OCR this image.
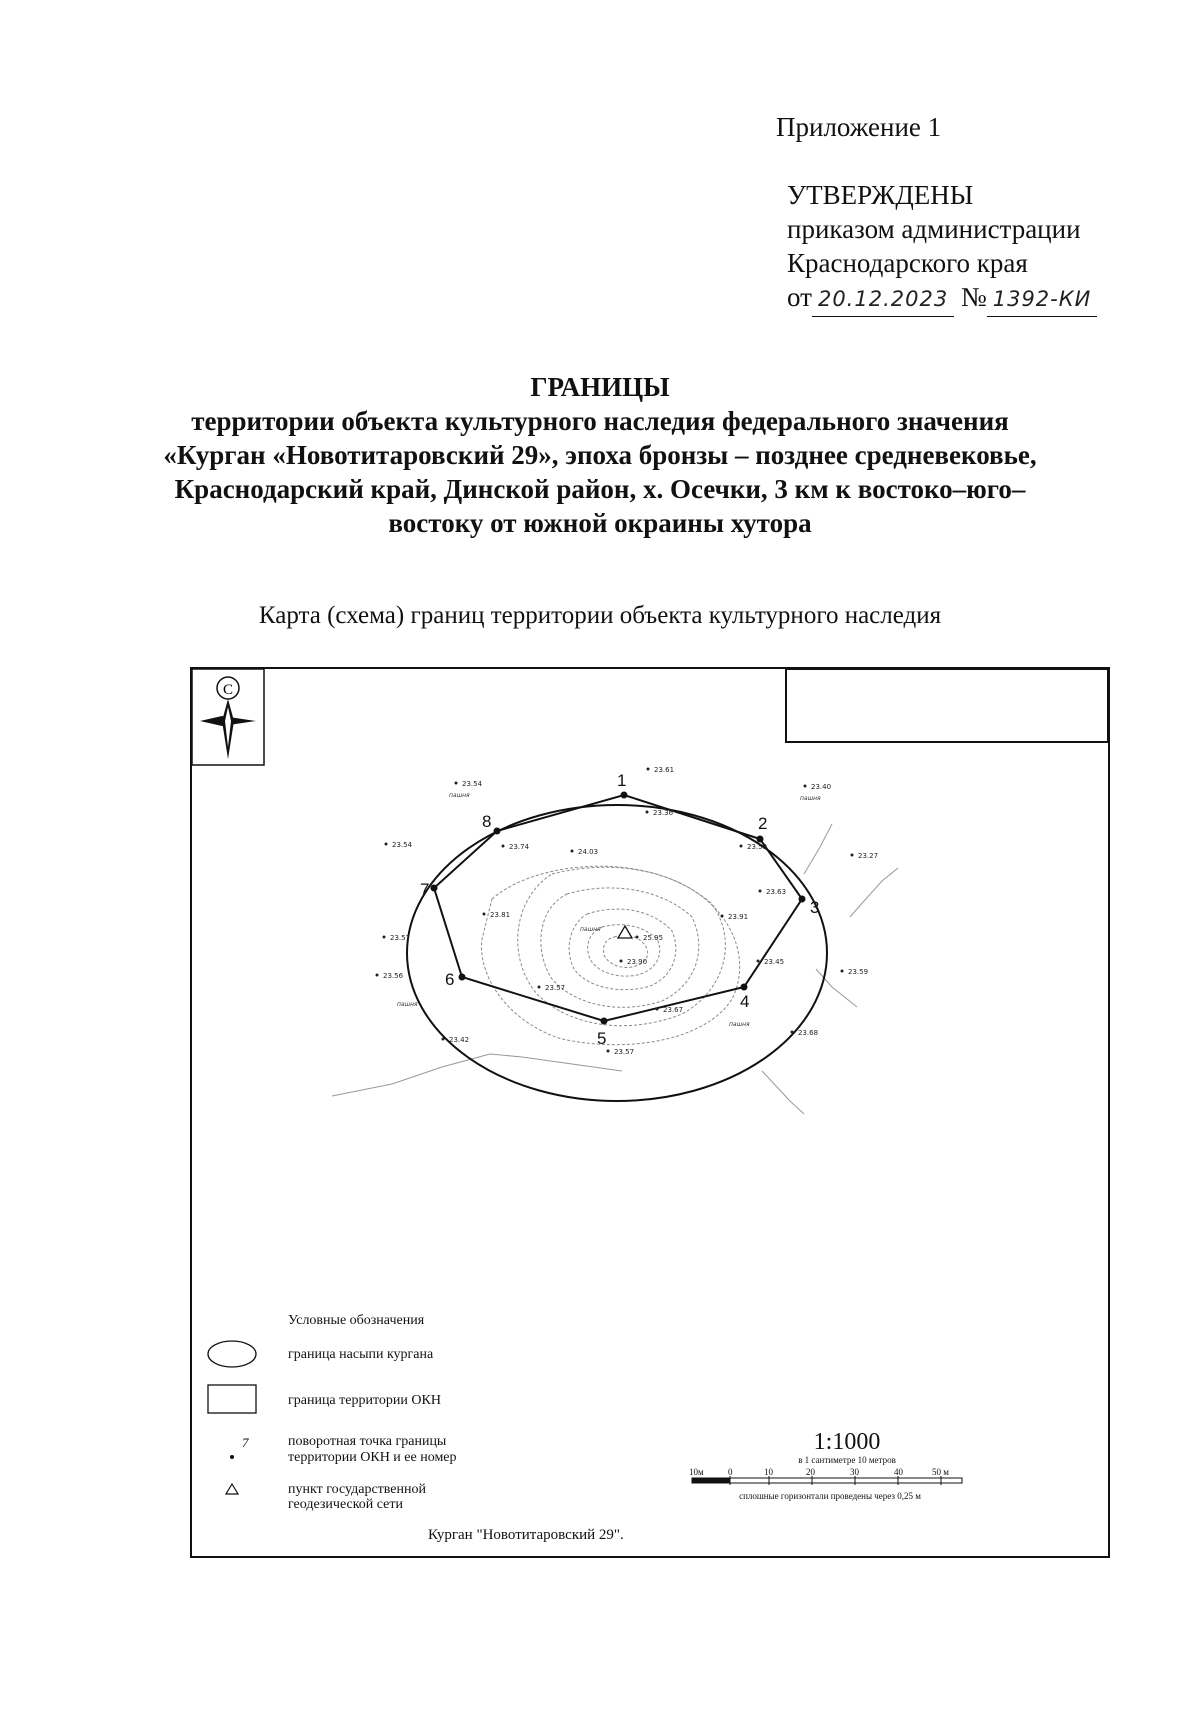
Приложение 1
УТВЕРЖДЕНЫ
приказом администрации
Краснодарского края
от 20.12.2023 № 1392-КИ
ГРАНИЦЫ
территории объекта культурного наследия федерального значения
«Курган «Новотитаровский 29», эпоха бронзы – позднее средневековье,
Краснодарский край, Динской район, х. Осечки, 3 км к востоко–юго–
востоку от южной окраины хутора
Карта (схема) границ территории объекта культурного наследия
С
1
2
3
4
5
6
7
8
23.61
23.40
23.54
23.54
23.27
23.57
23.59
23.56
23.68
23.42
23.57
23.36
23.59
23.74
24.03
23.63
23.81	23.91
25.95
23.45
23.90
23.57
23.67
пашня	пашня
пашня
пашня
пашня
Условные обозначения
граница насыпи кургана
граница территории ОКН
7	поворотная точка границы
территории ОКН и ее номер
пункт государственной
геодезической сети
Курган "Новотитаровский 29".
1:1000
в 1 сантиметре 10 метров
10м	0	10	20	30	40	50 м
сплошные горизонтали проведены через 0,25 м
